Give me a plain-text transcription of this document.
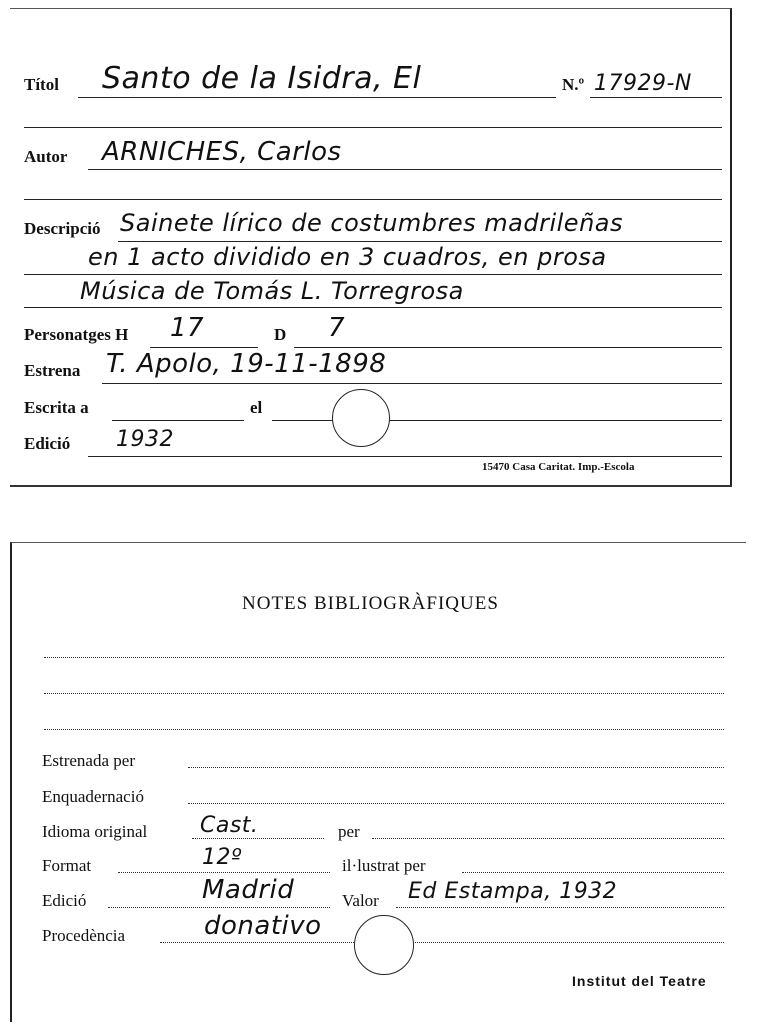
Títol Santo de la Isidra, El	N.º 17929-N
Autor ARNICHES, Carlos
Descripció Sainete lírico de costumbres madrileñas
en 1 acto dividido en 3 cuadros, en prosa
Música de Tomás L. Torregrosa
Personatges H 17	D 7
Estrena T. Apolo, 19-11-1898
Escrita a	el
Edició 1932
15470 Casa Caritat. Imp.-Escola
NOTES BIBLIOGRÀFIQUES
Estrenada per
Enquadernació
Idioma original Cast.	per
Format	12º	il·lustrat per
Edició	Madrid	Valor Ed Estampa, 1932
Procedència	donativo
Institut del Teatre
